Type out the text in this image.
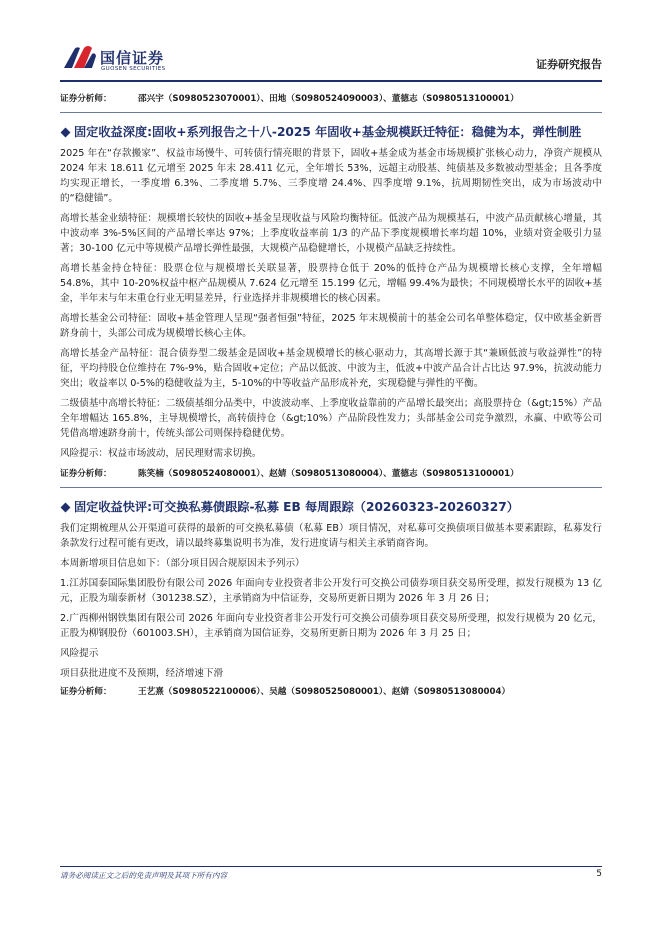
国信证券
GUOSEN SECURITIES	证券研究报告
证券分析师：	邵兴宇（S0980523070001）、田地（S0980524090003）、董德志（S0980513100001）
固定收益深度:固收+系列报告之十八-2025 年固收+基金规模跃迁特征：稳健为本，弹性制胜
2025 年在“存款搬家”、权益市场慢牛、可转债行情亮眼的背景下，固收+基金成为基金市场规模扩张核心动力，净资产规模从 2024 年末 18.611 亿元增至 2025 年末 28.411 亿元，全年增长 53%，远超主动股基、纯债基及多数被动型基金；且各季度均实现正增长，一季度增 6.3%、二季度增 5.7%、三季度增 24.4%、四季度增 9.1%，抗周期韧性突出，成为市场波动中的“稳健锚”。
高增长基金业绩特征：规模增长较快的固收+基金呈现收益与风险均衡特征。低波产品为规模基石，中波产品贡献核心增量，其中波动率 3%-5%区间的产品增长率达 97%；上季度收益率前 1/3 的产品下季度规模增长率均超 10%，业绩对资金吸引力显著；30-100 亿元中等规模产品增长弹性最强，大规模产品稳健增长，小规模产品缺乏持续性。
高增长基金持仓特征：股票仓位与规模增长关联显著，股票持仓低于 20%的低持仓产品为规模增长核心支撑，全年增幅 54.8%，其中 10-20%权益中枢产品规模从 7.624 亿元增至 15.199 亿元，增幅 99.4%为最快；不同规模增长水平的固收+基金，半年末与年末重仓行业无明显差异，行业选择并非规模增长的核心因素。
高增长基金公司特征：固收+基金管理人呈现“强者恒强”特征，2025 年末规模前十的基金公司名单整体稳定，仅中欧基金新晋跻身前十，头部公司成为规模增长核心主体。
高增长基金产品特征：混合债券型二级基金是固收+基金规模增长的核心驱动力，其高增长源于其“兼顾低波与收益弹性”的特征，平均持股仓位维持在 7%-9%，贴合固收+定位；产品以低波、中波为主，低波+中波产品合计占比达 97.9%，抗波动能力突出；收益率以 0-5%的稳健收益为主，5-10%的中等收益产品形成补充，实现稳健与弹性的平衡。
二级债基中高增长特征：二级债基细分品类中，中波波动率、上季度收益靠前的产品增长最突出；高股票持仓（&gt;15%）产品全年增幅达 165.8%，主导规模增长，高转债持仓（&gt;10%）产品阶段性发力；头部基金公司竞争激烈，永赢、中欧等公司凭借高增速跻身前十，传统头部公司则保持稳健优势。
风险提示：权益市场波动，居民理财需求切换。
证券分析师：	陈笑楠（S0980524080001）、赵婧（S0980513080004）、董德志（S0980513100001）
固定收益快评:可交换私募债跟踪-私募 EB 每周跟踪（20260323-20260327）
我们定期梳理从公开渠道可获得的最新的可交换私募债（私募 EB）项目情况，对私募可交换债项目做基本要素跟踪，私募发行条款发行过程可能有更改，请以最终募集说明书为准，发行进度请与相关主承销商咨询。
本周新增项目信息如下：（部分项目因合规原因未予列示）
1.江苏国泰国际集团股份有限公司 2026 年面向专业投资者非公开发行可交换公司债券项目获交易所受理，拟发行规模为 13 亿元，正股为瑞泰新材（301238.SZ），主承销商为中信证券，交易所更新日期为 2026 年 3 月 26 日；
2.广西柳州钢铁集团有限公司 2026 年面向专业投资者非公开发行可交换公司债券项目获交易所受理，拟发行规模为 20 亿元，正股为柳钢股份（601003.SH），主承销商为国信证券，交易所更新日期为 2026 年 3 月 25 日；
风险提示
项目获批进度不及预期，经济增速下滑
证券分析师：	王艺熹（S0980522100006）、吴越（S0980525080001）、赵婧（S0980513080004）
请务必阅读正文之后的免责声明及其项下所有内容	5
